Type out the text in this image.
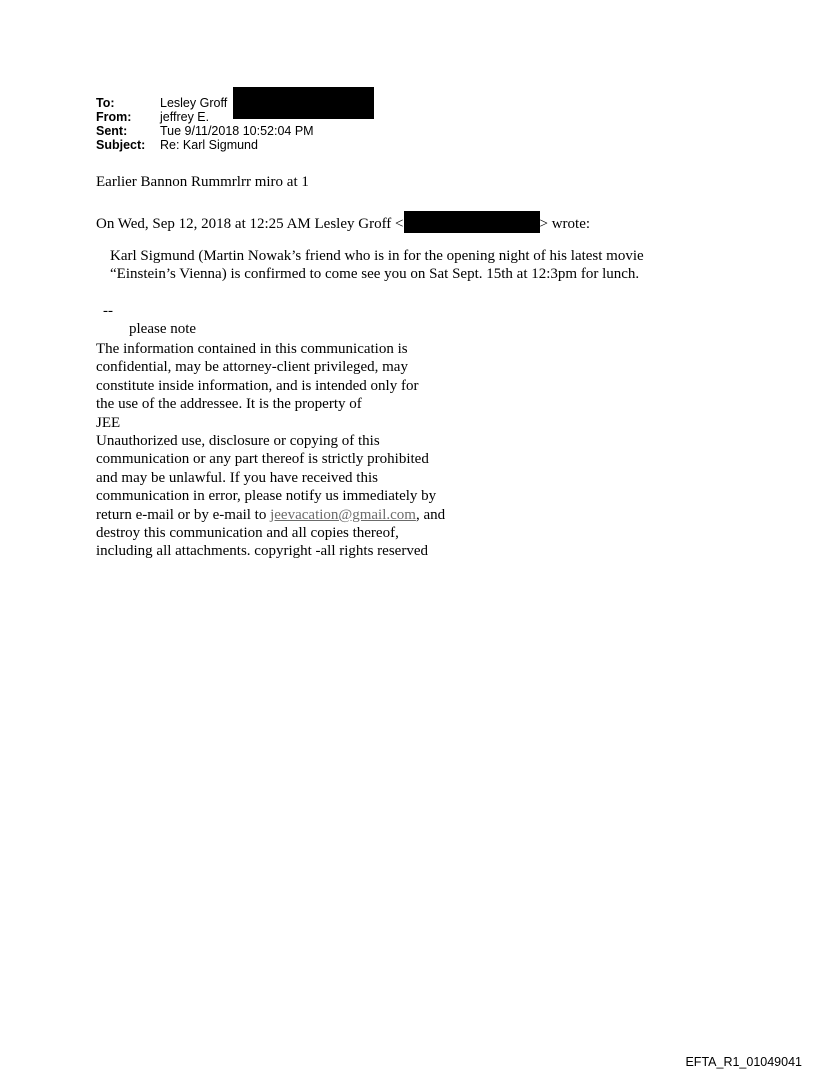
To:	Lesley Groff
From:	jeffrey E.
Sent:	Tue 9/11/2018 10:52:04 PM
Subject:	Re: Karl Sigmund
Earlier Bannon Rummrlrr miro at 1
On Wed, Sep 12, 2018 at 12:25 AM Lesley Groff <	> wrote:
Karl Sigmund (Martin Nowak’s friend who is in for the opening night of his latest movie
“Einstein’s Vienna) is confirmed to come see you on Sat Sept. 15th at 12:3pm for lunch.
--
please note
The information contained in this communication is
confidential, may be attorney-client privileged, may
constitute inside information, and is intended only for
the use of the addressee. It is the property of
JEE
Unauthorized use, disclosure or copying of this
communication or any part thereof is strictly prohibited
and may be unlawful. If you have received this
communication in error, please notify us immediately by
return e-mail or by e-mail to jeevacation@gmail.com, and
destroy this communication and all copies thereof,
including all attachments. copyright -all rights reserved
EFTA_R1_01049041
